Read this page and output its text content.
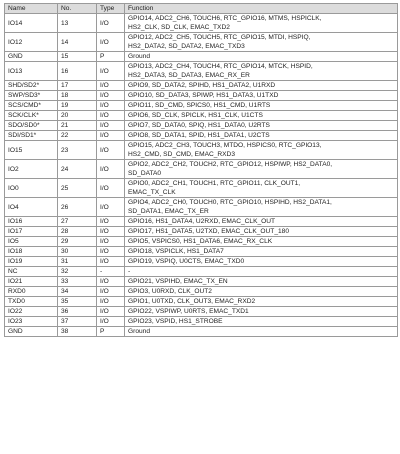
Name	No.	Type	Function
IO14	13	I/O	GPIO14, ADC2_CH6, TOUCH6, RTC_GPIO16, MTMS, HSPICLK,
HS2_CLK, SD_CLK, EMAC_TXD2

IO12	14	I/O	GPIO12, ADC2_CH5, TOUCH5, RTC_GPIO15, MTDI, HSPIQ,
HS2_DATA2, SD_DATA2, EMAC_TXD3

GND	15	P	Ground

IO13	16	I/O	GPIO13, ADC2_CH4, TOUCH4, RTC_GPIO14, MTCK, HSPID,
HS2_DATA3, SD_DATA3, EMAC_RX_ER

SHD/SD2*	17	I/O	GPIO9, SD_DATA2, SPIHD, HS1_DATA2, U1RXD

SWP/SD3*	18	I/O	GPIO10, SD_DATA3, SPIWP, HS1_DATA3, U1TXD

SCS/CMD*	19	I/O	GPIO11, SD_CMD, SPICS0, HS1_CMD, U1RTS

SCK/CLK*	20	I/O	GPIO6, SD_CLK, SPICLK, HS1_CLK, U1CTS

SDO/SD0*	21	I/O	GPIO7, SD_DATA0, SPIQ, HS1_DATA0, U2RTS

SDI/SD1*	22	I/O	GPIO8, SD_DATA1, SPID, HS1_DATA1, U2CTS

IO15	23	I/O	GPIO15, ADC2_CH3, TOUCH3, MTDO, HSPICS0, RTC_GPIO13,
HS2_CMD, SD_CMD, EMAC_RXD3

IO2	24	I/O	GPIO2, ADC2_CH2, TOUCH2, RTC_GPIO12, HSPIWP, HS2_DATA0,
SD_DATA0

IO0	25	I/O	GPIO0, ADC2_CH1, TOUCH1, RTC_GPIO11, CLK_OUT1,
EMAC_TX_CLK

IO4	26	I/O	GPIO4, ADC2_CH0, TOUCH0, RTC_GPIO10, HSPIHD, HS2_DATA1,
SD_DATA1, EMAC_TX_ER

IO16	27	I/O	GPIO16, HS1_DATA4, U2RXD, EMAC_CLK_OUT

IO17	28	I/O	GPIO17, HS1_DATA5, U2TXD, EMAC_CLK_OUT_180

IO5	29	I/O	GPIO5, VSPICS0, HS1_DATA6, EMAC_RX_CLK

IO18	30	I/O	GPIO18, VSPICLK, HS1_DATA7

IO19	31	I/O	GPIO19, VSPIQ, U0CTS, EMAC_TXD0

NC	32	-	-

IO21	33	I/O	GPIO21, VSPIHD, EMAC_TX_EN

RXD0	34	I/O	GPIO3, U0RXD, CLK_OUT2

TXD0	35	I/O	GPIO1, U0TXD, CLK_OUT3, EMAC_RXD2

IO22	36	I/O	GPIO22, VSPIWP, U0RTS, EMAC_TXD1

IO23	37	I/O	GPIO23, VSPID, HS1_STROBE

GND	38	P	Ground
